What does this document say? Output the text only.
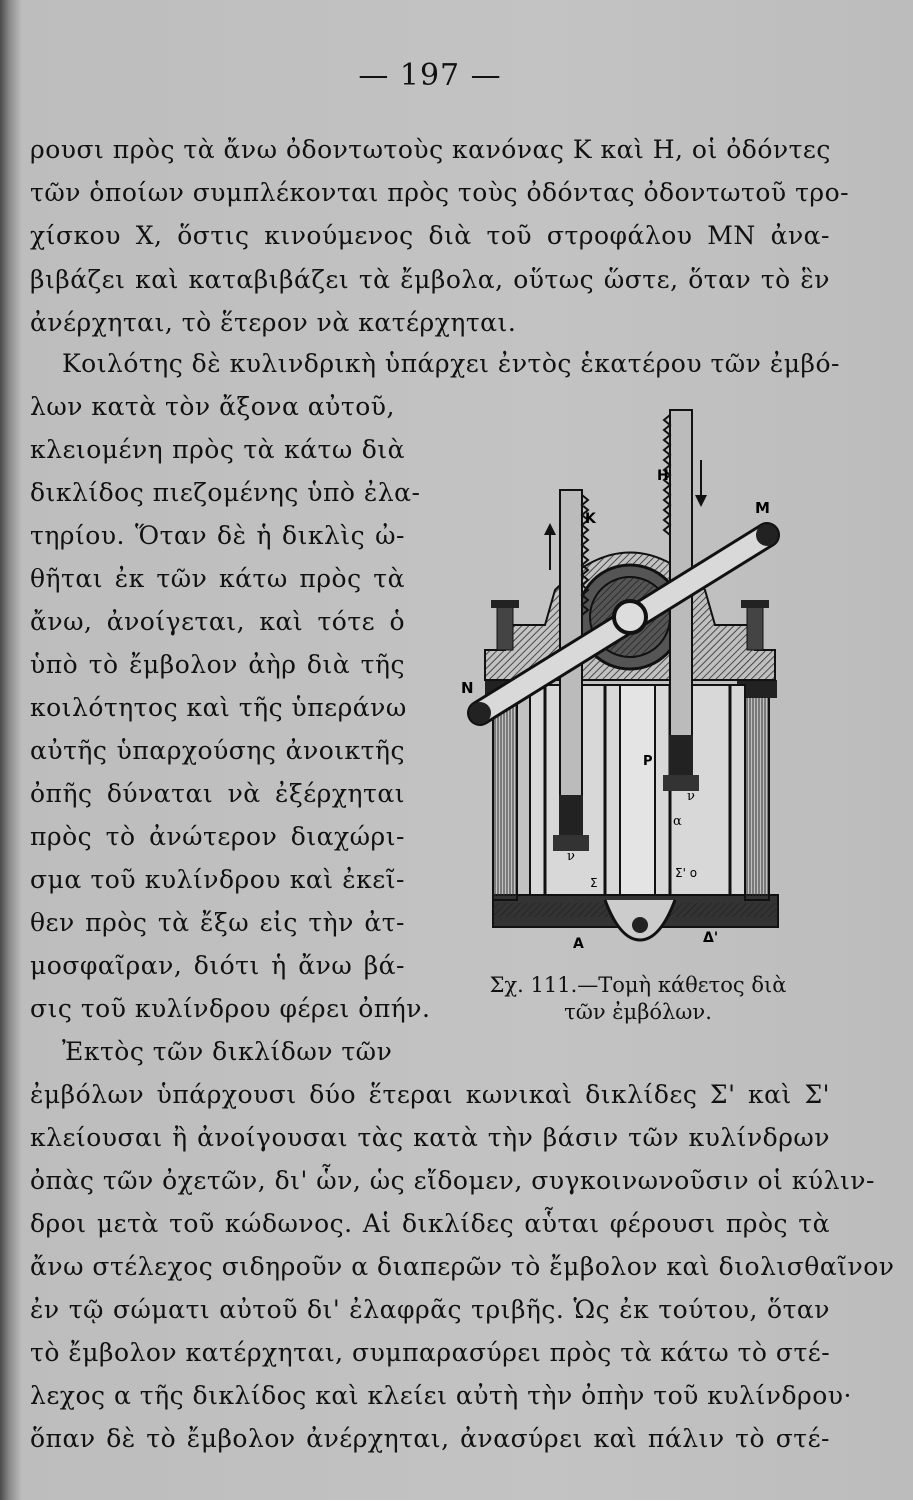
— 197 —
ρουσι πρὸς τὰ ἄνω ὀδοντωτοὺς κανόνας Κ καὶ Η, οἱ ὀδόντες
τῶν ὁποίων συμπλέκονται πρὸς τοὺς ὀδόντας ὀδοντωτοῦ τρο-
χίσκου Χ, ὅστις κινούμενος διὰ τοῦ στροφάλου ΜΝ ἀνα-
βιβάζει καὶ καταβιβάζει τὰ ἔμβολα, οὕτως ὥστε, ὅταν τὸ ἓν
ἀνέρχηται, τὸ ἕτερον νὰ κατέρχηται.
Κοιλότης δὲ κυλινδρικὴ ὑπάρχει ἐντὸς ἑκατέρου τῶν ἐμβό-
λων κατὰ τὸν ἄξονα αὐτοῦ,
κλειομένη πρὸς τὰ κάτω διὰ
δικλίδος πιεζομένης ὑπὸ ἐλα-
τηρίου. Ὅταν δὲ ἡ δικλὶς ὠ-
θῆται ἐκ τῶν κάτω πρὸς τὰ
ἄνω, ἀνοίγεται, καὶ τότε ὁ
ὑπὸ τὸ ἔμβολον ἀὴρ διὰ τῆς
κοιλότητος καὶ τῆς ὑπεράνω
αὐτῆς ὑπαρχούσης ἀνοικτῆς
ὀπῆς δύναται νὰ ἐξέρχηται
πρὸς τὸ ἀνώτερον διαχώρι-
σμα τοῦ κυλίνδρου καὶ ἐκεῖ-
θεν πρὸς τὰ ἔξω εἰς τὴν ἀτ-
μοσφαῖραν, διότι ἡ ἄνω βά-
σις τοῦ κυλίνδρου φέρει ὀπήν.
Ἐκτὸς τῶν δικλίδων τῶν
ἐμβόλων ὑπάρχουσι δύο ἕτεραι κωνικαὶ δικλίδες Σ' καὶ Σ'
κλείουσαι ἢ ἀνοίγουσαι τὰς κατὰ τὴν βάσιν τῶν κυλίνδρων
ὀπὰς τῶν ὀχετῶν, δι' ὧν, ὡς εἴδομεν, συγκοινωνοῦσιν οἱ κύλιν-
δροι μετὰ τοῦ κώδωνος. Αἱ δικλίδες αὗται φέρουσι πρὸς τὰ
ἄνω στέλεχος σιδηροῦν α διαπερῶν τὸ ἔμβολον καὶ διολισθαῖνον
ἐν τῷ σώματι αὐτοῦ δι' ἐλαφρᾶς τριβῆς. Ὡς ἐκ τούτου, ὅταν
τὸ ἔμβολον κατέρχηται, συμπαρασύρει πρὸς τὰ κάτω τὸ στέ-
λεχος α τῆς δικλίδος καὶ κλείει αὐτὴ τὴν ὀπὴν τοῦ κυλίνδρου·
ὅπαν δὲ τὸ ἔμβολον ἀνέρχηται, ἀνασύρει καὶ πάλιν τὸ στέ-
Μ
Ν
Κ
Η
Ρ
α
Σ
Σ' ο
ν
ν
Α	Δ'
Σχ. 111.—Τομὴ κάθετος διὰ
τῶν ἐμβόλων.
